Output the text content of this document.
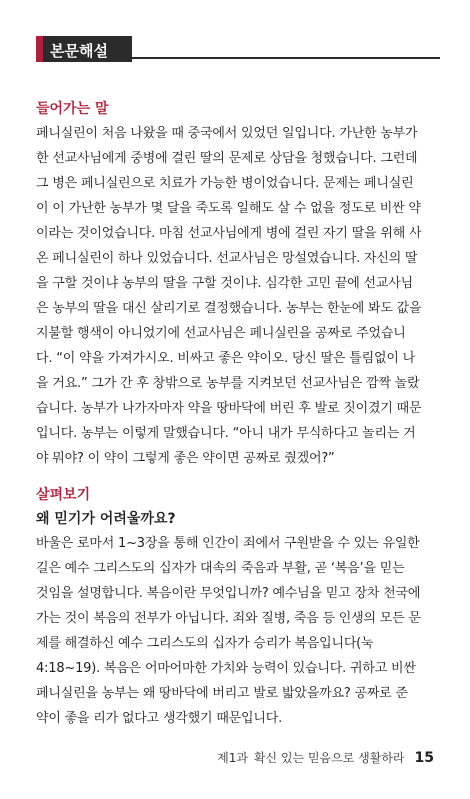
본문해설
들어가는 말
페니실린이 처음 나왔을 때 중국에서 있었던 일입니다. 가난한 농부가
한 선교사님에게 중병에 걸린 딸의 문제로 상담을 청했습니다. 그런데
그 병은 페니실린으로 치료가 가능한 병이었습니다. 문제는 페니실린
이 이 가난한 농부가 몇 달을 죽도록 일해도 살 수 없을 정도로 비싼 약
이라는 것이었습니다. 마침 선교사님에게 병에 걸린 자기 딸을 위해 사
온 페니실린이 하나 있었습니다. 선교사님은 망설였습니다. 자신의 딸
을 구할 것이냐 농부의 딸을 구할 것이냐. 심각한 고민 끝에 선교사님
은 농부의 딸을 대신 살리기로 결정했습니다. 농부는 한눈에 봐도 값을
지불할 행색이 아니었기에 선교사님은 페니실린을 공짜로 주었습니
다. “이 약을 가져가시오. 비싸고 좋은 약이오. 당신 딸은 틀림없이 나
을 거요.” 그가 간 후 창밖으로 농부를 지켜보던 선교사님은 깜짝 놀랐
습니다. 농부가 나가자마자 약을 땅바닥에 버린 후 발로 짓이겼기 때문
입니다. 농부는 이렇게 말했습니다. “아니 내가 무식하다고 놀리는 거
야 뭐야? 이 약이 그렇게 좋은 약이면 공짜로 줬겠어?”
살펴보기
왜 믿기가 어려울까요?
바울은 로마서 1~3장을 통해 인간이 죄에서 구원받을 수 있는 유일한
길은 예수 그리스도의 십자가 대속의 죽음과 부활, 곧 ‘복음’을 믿는
것임을 설명합니다. 복음이란 무엇입니까? 예수님을 믿고 장차 천국에
가는 것이 복음의 전부가 아닙니다. 죄와 질병, 죽음 등 인생의 모든 문
제를 해결하신 예수 그리스도의 십자가 승리가 복음입니다(눅
4:18~19). 복음은 어마어마한 가치와 능력이 있습니다. 귀하고 비싼
페니실린을 농부는 왜 땅바닥에 버리고 발로 밟았을까요? 공짜로 준
약이 좋을 리가 없다고 생각했기 때문입니다.
제1과 확신 있는 믿음으로 생활하라 15
